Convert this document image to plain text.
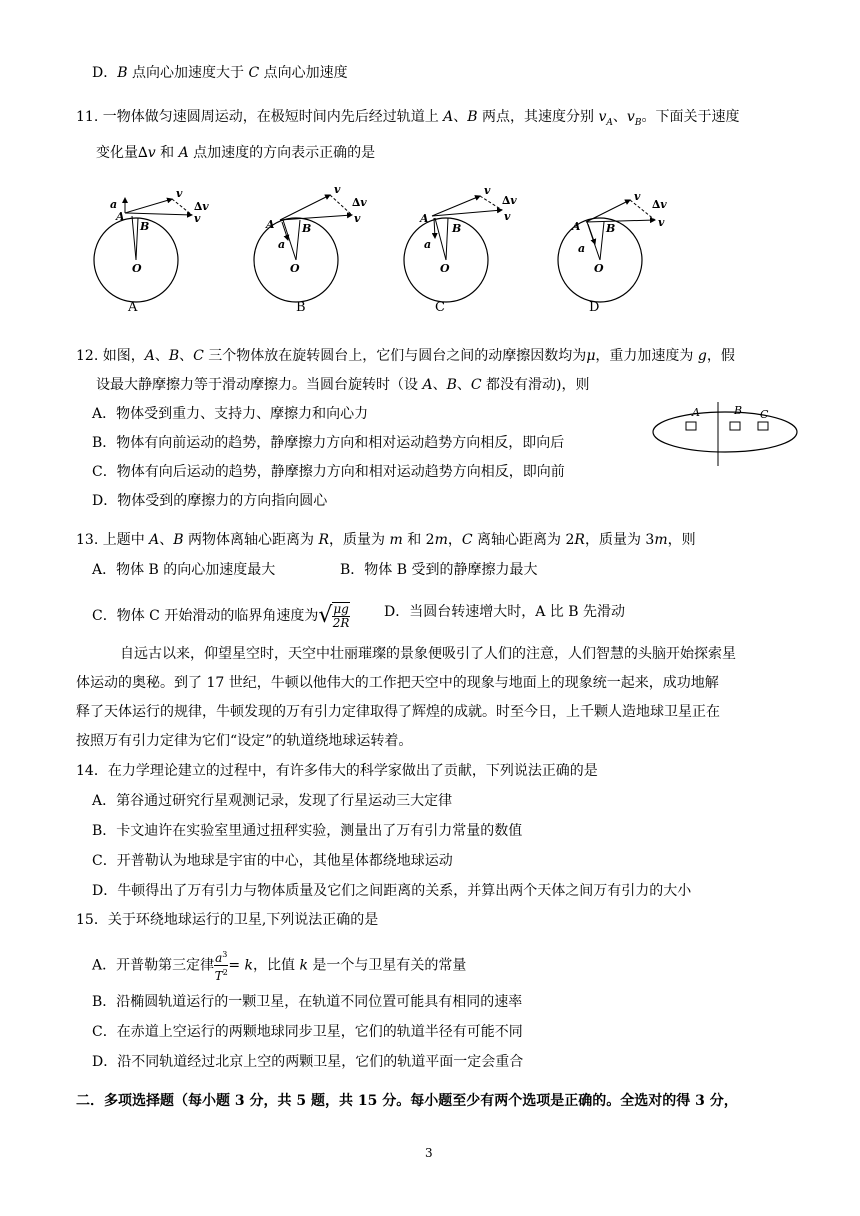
D．B 点向心加速度大于 C 点向心加速度
11. 一物体做匀速圆周运动，在极短时间内先后经过轨道上 A、B 两点，其速度分别 $v_A$、$v_B$。下面关于速度
变化量∆v 和 A 点加速度的方向表示正确的是
a
A
B
O
v
∆v
v	A B
a
O
v
∆v
v	A
B
a
O
v
∆v
v
A B
a
O
v
∆v
v
A	B	C	D
12. 如图，A、B、C 三个物体放在旋转圆台上，它们与圆台之间的动摩擦因数均为μ，重力加速度为 g，假
设最大静摩擦力等于滑动摩擦力。当圆台旋转时（设 A、B、C 都没有滑动)，则
A．物体受到重力、支持力、摩擦力和向心力
B．物体有向前运动的趋势，静摩擦力方向和相对运动趋势方向相反，即向后
C．物体有向后运动的趋势，静摩擦力方向和相对运动趋势方向相反，即向前
D．物体受到的摩擦力的方向指向圆心
A	B C
13. 上题中 A、B 两物体离轴心距离为 R，质量为 m 和 2m，C 离轴心距离为 2R，质量为 3m，则
A．物体 B 的向心加速度最大	B．物体 B 受到的静摩擦力最大
C．物体 C 开始滑动的临界角速度为√ $\frac{\mu g}{2R}$ D．当圆台转速增大时，A 比 B 先滑动
自远古以来，仰望星空时，天空中壮丽璀璨的景象便吸引了人们的注意，人们智慧的头脑开始探索星
体运动的奥秘。到了 17 世纪，牛顿以他伟大的工作把天空中的现象与地面上的现象统一起来，成功地解
释了天体运行的规律，牛顿发现的万有引力定律取得了辉煌的成就。时至今日，上千颗人造地球卫星正在
按照万有引力定律为它们“设定”的轨道绕地球运转着。
14．在力学理论建立的过程中，有许多伟大的科学家做出了贡献，下列说法正确的是
A．第谷通过研究行星观测记录，发现了行星运动三大定律
B．卡文迪许在实验室里通过扭秤实验，测量出了万有引力常量的数值
C．开普勒认为地球是宇宙的中心，其他星体都绕地球运动
D．牛顿得出了万有引力与物体质量及它们之间距离的关系，并算出两个天体之间万有引力的大小
15．关于环绕地球运行的卫星,下列说法正确的是
A．开普勒第三定律 $\frac{a^3}{T^2} = k$，比值 k 是一个与卫星有关的常量
B．沿椭圆轨道运行的一颗卫星，在轨道不同位置可能具有相同的速率
C．在赤道上空运行的两颗地球同步卫星，它们的轨道半径有可能不同
D．沿不同轨道经过北京上空的两颗卫星，它们的轨道平面一定会重合
二．多项选择题（每小题 3 分，共 5 题，共 15 分。每小题至少有两个选项是正确的。全选对的得 3 分，
3
